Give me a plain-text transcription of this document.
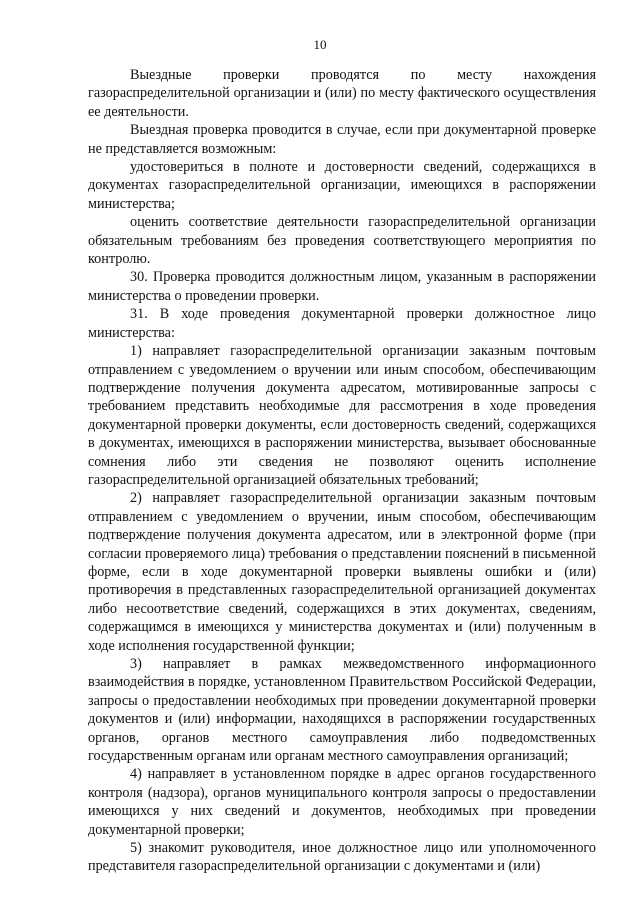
10

Выездные проверки проводятся по месту нахождения газораспределительной организации и (или) по месту фактического осуществления ее деятельности.

Выездная проверка проводится в случае, если при документарной проверке не представляется возможным:

удостовериться в полноте и достоверности сведений, содержащихся в документах газораспределительной организации, имеющихся в распоряжении министерства;

оценить соответствие деятельности газораспределительной организации обязательным требованиям без проведения соответствующего мероприятия по контролю.

30. Проверка проводится должностным лицом, указанным в распоряжении министерства о проведении проверки.

31. В ходе проведения документарной проверки должностное лицо министерства:

1) направляет газораспределительной организации заказным почтовым отправлением с уведомлением о вручении или иным способом, обеспечивающим подтверждение получения документа адресатом, мотивированные запросы с требованием представить необходимые для рассмотрения в ходе проведения документарной проверки документы, если достоверность сведений, содержащихся в документах, имеющихся в распоряжении министерства, вызывает обоснованные сомнения либо эти сведения не позволяют оценить исполнение газораспределительной организацией обязательных требований;

2) направляет газораспределительной организации заказным почтовым отправлением с уведомлением о вручении, иным способом, обеспечивающим подтверждение получения документа адресатом, или в электронной форме (при согласии проверяемого лица) требования о представлении пояснений в письменной форме, если в ходе документарной проверки выявлены ошибки и (или) противоречия в представленных газораспределительной организацией документах либо несоответствие сведений, содержащихся в этих документах, сведениям, содержащимся в имеющихся у министерства документах и (или) полученным в ходе исполнения государственной функции;

3) направляет в рамках межведомственного информационного взаимодействия в порядке, установленном Правительством Российской Федерации, запросы о предоставлении необходимых при проведении документарной проверки документов и (или) информации, находящихся в распоряжении государственных органов, органов местного самоуправления либо подведомственных государственным органам или органам местного самоуправления организаций;

4) направляет в установленном порядке в адрес органов государственного контроля (надзора), органов муниципального контроля запросы о предоставлении имеющихся у них сведений и документов, необходимых при проведении документарной проверки;

5) знакомит руководителя, иное должностное лицо или уполномоченного представителя газораспределительной организации с документами и (или)
